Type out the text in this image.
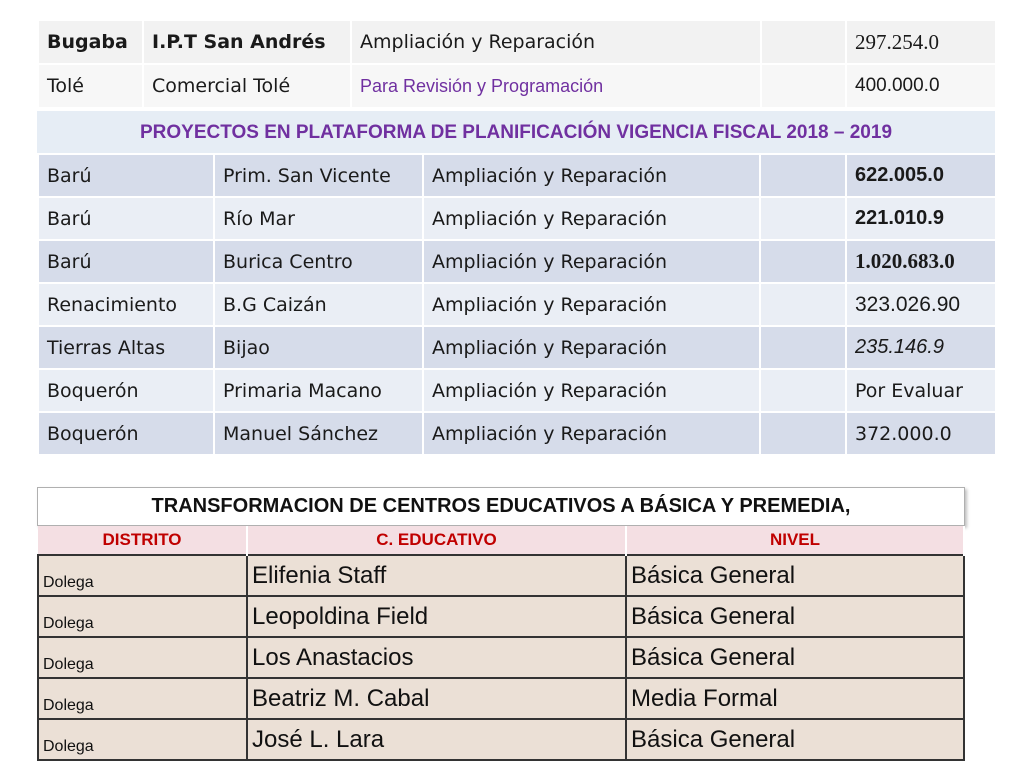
Bugaba	I.P.T San Andrés	Ampliación y Reparación		297.254.0
Tolé	Comercial Tolé	Para Revisión y Programación		400.000.0
PROYECTOS EN PLATAFORMA DE PLANIFICACIÓN VIGENCIA FISCAL 2018 – 2019
Barú	Prim. San Vicente	Ampliación y Reparación		622.005.0
Barú	Río Mar	Ampliación y Reparación		221.010.9
Barú	Burica Centro	Ampliación y Reparación		1.020.683.0
Renacimiento	B.G Caizán	Ampliación y Reparación		323.026.90
Tierras Altas	Bijao	Ampliación y Reparación		235.146.9
Boquerón	Primaria Macano	Ampliación y Reparación		Por Evaluar
Boquerón	Manuel Sánchez	Ampliación y Reparación		372.000.0
TRANSFORMACION DE CENTROS EDUCATIVOS A BÁSICA Y PREMEDIA,
DISTRITO	C. EDUCATIVO	NIVEL
Dolega	Elifenia Staff	Básica General
Dolega	Leopoldina Field	Básica General
Dolega	Los Anastacios	Básica General
Dolega	Beatriz M. Cabal	Media Formal
Dolega	José L. Lara	Básica General
